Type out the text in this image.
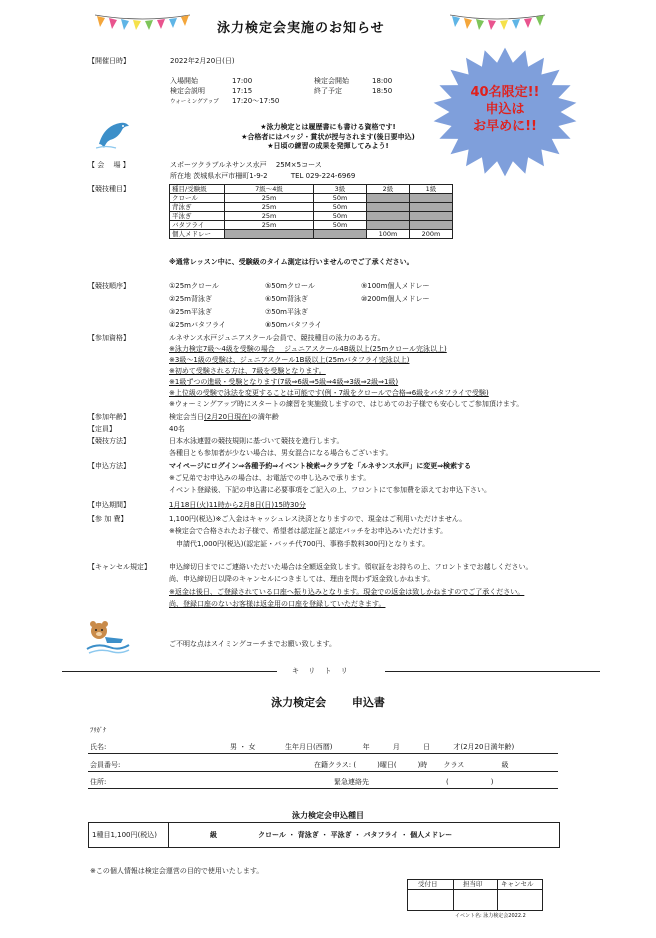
泳力検定会実施のお知らせ
40名限定!!
申込は
お早めに!!
【開催日時】	2022年2月20日(日)
入場開始	17:00
検定会説明	17:15
ウォーミングアップ 17:20～17:50
検定会開始	18:00
終了予定	18:50
★泳力検定とは履歴書にも書ける資格です!
★合格者にはバッジ・賞状が授与されます(後日要申込)
★日頃の練習の成果を発揮してみよう!
【 会 　場 】	スポーツクラブルネサンス水戸 　25M×5コース
所在地 茨城県水戸市柵町1-9-2 　　　TEL 029-224-6969
【競技種目】	種目/受験級	7級～4級	3級	2級	1級
クロール	25m	50m		
背泳ぎ	25m	50m		
平泳ぎ	25m	50m		
バタフライ	25m	50m		
個人メドレー			100m	200m
※通常レッスン中に、受験級のタイム測定は行いませんのでご了承ください。
【競技順序】	①25mクロール	⑤50mクロール	⑨100m個人メドレー
②25m背泳ぎ	⑥50m背泳ぎ	⑩200m個人メドレー
③25m平泳ぎ	⑦50m平泳ぎ
④25mバタフライ	⑧50mバタフライ
【参加資格】	ルネサンス水戸ジュニアスクール会員で、競技種目の泳力のある方。
※泳力検定7級～4級を受験の場合 　ジュニアスクール4B級以上(25mクロール完泳以上)
※3級～1級の受験は、ジュニアスクール1B級以上(25mバタフライ完泳以上)
※初めて受験される方は、7級を受験となります。
※1級ずつの進級・受験となります(7級⇒6級⇒5級⇒4級⇒3級⇒2級⇒1級)
※上位級の受験で泳法を変更することは可能です(例・7級をクロールで合格⇒6級をバタフライで受験)
※ウォーミングアップ時にスタートの練習を実施致しますので、はじめてのお子様でも安心してご参加頂けます。
【参加年齢】	検定会当日(2月20日現在)の満年齢
【定員】	40名
【競技方法】	日本水泳連盟の競技規則に基づいて競技を進行します。
各種目とも参加者が少ない場合は、男女混合になる場合もございます。
【申込方法】	マイページにログイン⇒各種予約⇒イベント検索⇒クラブを「ルネサンス水戸」に変更⇒検索する
※ご兄弟でお申込みの場合は、お電話での申し込みで承ります。
イベント登録後、下記の申込書に必要事項をご記入の上、フロントにて参加費を添えてお申込下さい。
【申込期間】	1月18日(火)11時から2月8日(日)15時30分
【参 加 費】	1,100円(税込)※ご入金はキャッシュレス決済となりますので、現金はご利用いただけません。
※検定会で合格されたお子様で、希望者は認定証と認定バッチをお申込みいただけます。
申請代1,000円(税込)(認定証・バッチ代700円、事務手数料300円)となります。
【キャンセル規定】	申込締切日までにご連絡いただいた場合は全額返金致します。領収証をお持ちの上、フロントまでお越しください。
尚、申込締切日以降のキャンセルにつきましては、理由を問わず返金致しかねます。
※返金は後日、ご登録されている口座へ振り込みとなります。現金での返金は致しかねますのでご了承ください。
尚、登録口座のないお客様は返金用の口座を登録していただきます。
ご不明な点はスイミングコーチまでお願い致します。
キ 　リ 　ト 　リ
泳力検定会 　　申込書
ﾌﾘｶﾞﾅ
氏名:	男 ・ 女	生年月日(西暦) 　　　　年 　　　月 　　　日 　　　才(2月20日満年齢)
会員番号:	在籍クラス: (　　　)曜日(　　　)時 　　クラス 　　　　　級
住所:	緊急連絡先	(　　　　　　)
泳力検定会申込種目
1種目1,100円(税込)	級	クロール ・ 背泳ぎ ・ 平泳ぎ ・ バタフライ ・ 個人メドレー
※この個人情報は検定会運営の目的で使用いたします。
受付日	担当印	キャンセル
イベント名: 泳力検定会2022.2
